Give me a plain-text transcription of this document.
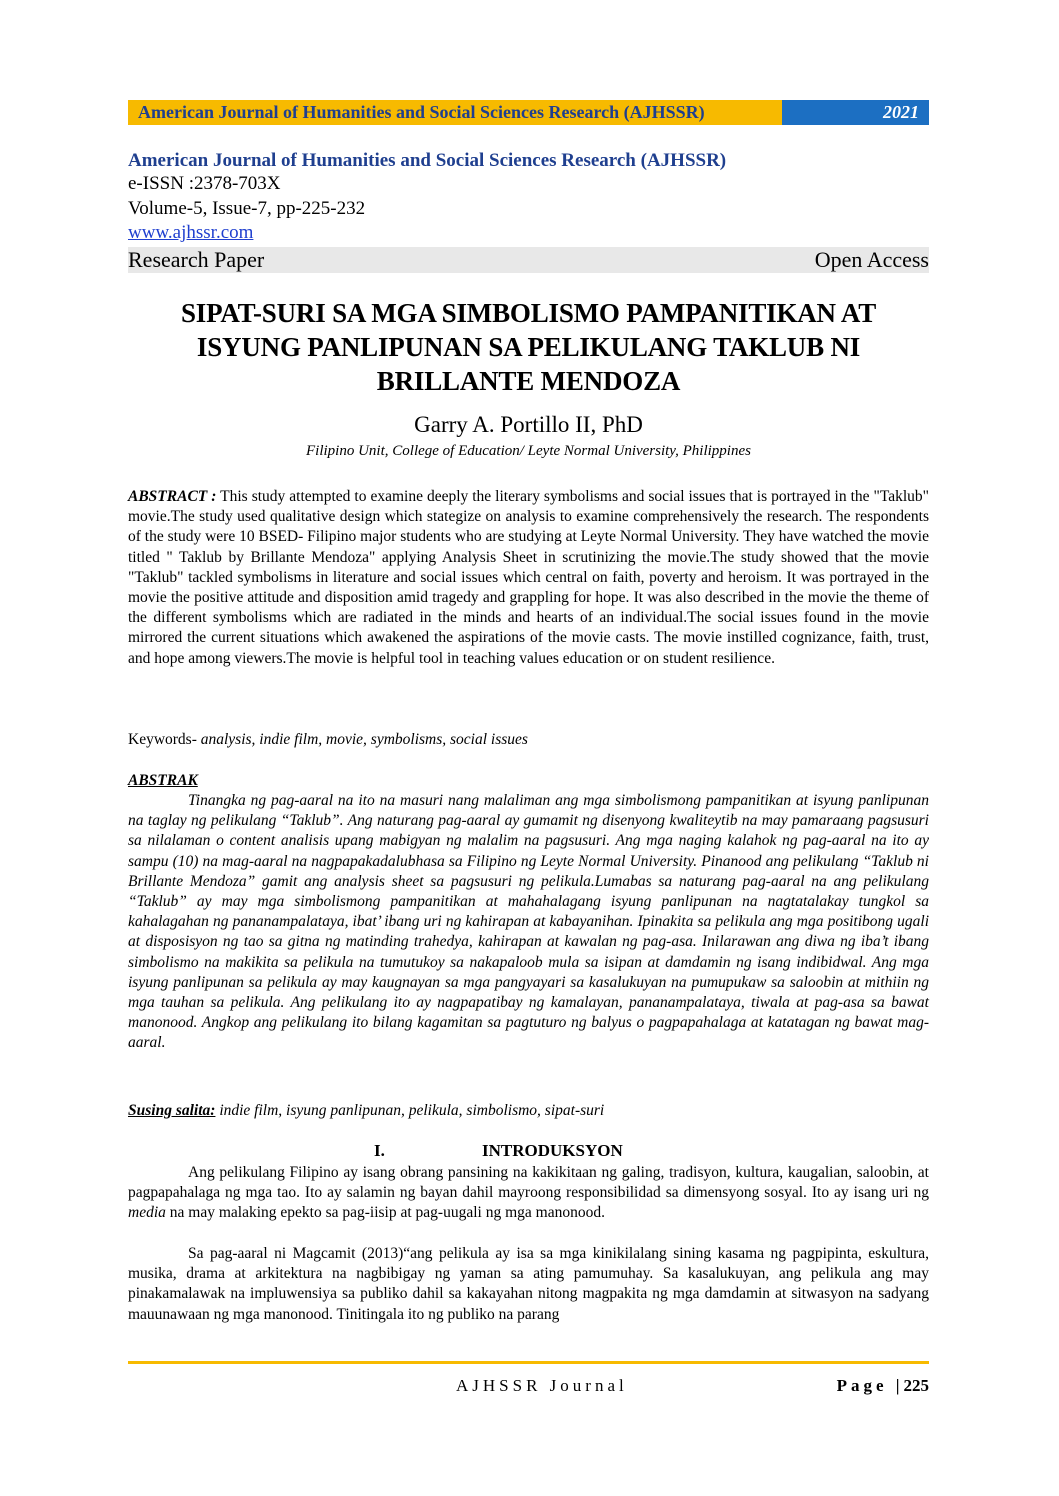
American Journal of Humanities and Social Sciences Research (AJHSSR)	2021
American Journal of Humanities and Social Sciences Research (AJHSSR)
e-ISSN :2378-703X
Volume-5, Issue-7, pp-225-232
www.ajhssr.com
Research Paper	Open Access
SIPAT-SURI SA MGA SIMBOLISMO PAMPANITIKAN AT ISYUNG PANLIPUNAN SA PELIKULANG TAKLUB NI BRILLANTE MENDOZA
Garry A. Portillo II, PhD
Filipino Unit, College of Education/ Leyte Normal University, Philippines
ABSTRACT : This study attempted to examine deeply the literary symbolisms and social issues that is portrayed in the "Taklub" movie.The study used qualitative design which stategize on analysis to examine comprehensively the research. The respondents of the study were 10 BSED- Filipino major students who are studying at Leyte Normal University. They have watched the movie titled " Taklub by Brillante Mendoza" applying Analysis Sheet in scrutinizing the movie.The study showed that the movie "Taklub" tackled symbolisms in literature and social issues which central on faith, poverty and heroism. It was portrayed in the movie the positive attitude and disposition amid tragedy and grappling for hope. It was also described in the movie the theme of the different symbolisms which are radiated in the minds and hearts of an individual.The social issues found in the movie mirrored the current situations which awakened the aspirations of the movie casts. The movie instilled cognizance, faith, trust, and hope among viewers.The movie is helpful tool in teaching values education or on student resilience.
Keywords- analysis, indie film, movie, symbolisms, social issues
ABSTRAK
Tinangka ng pag-aaral na ito na masuri nang malaliman ang mga simbolismong pampanitikan at isyung panlipunan na taglay ng pelikulang “Taklub”. Ang naturang pag-aaral ay gumamit ng disenyong kwaliteytib na may pamaraang pagsusuri sa nilalaman o content analisis upang mabigyan ng malalim na pagsusuri. Ang mga naging kalahok ng pag-aaral na ito ay sampu (10) na mag-aaral na nagpapakadalubhasa sa Filipino ng Leyte Normal University. Pinanood ang pelikulang “Taklub ni Brillante Mendoza” gamit ang analysis sheet sa pagsusuri ng pelikula.Lumabas sa naturang pag-aaral na ang pelikulang “Taklub” ay may mga simbolismong pampanitikan at mahahalagang isyung panlipunan na nagtatalakay tungkol sa kahalagahan ng pananampalataya, ibat’ ibang uri ng kahirapan at kabayanihan. Ipinakita sa pelikula ang mga positibong ugali at disposisyon ng tao sa gitna ng matinding trahedya, kahirapan at kawalan ng pag-asa. Inilarawan ang diwa ng iba’t ibang simbolismo na makikita sa pelikula na tumutukoy sa nakapaloob mula sa isipan at damdamin ng isang indibidwal. Ang mga isyung panlipunan sa pelikula ay may kaugnayan sa mga pangyayari sa kasalukuyan na pumupukaw sa saloobin at mithiin ng mga tauhan sa pelikula. Ang pelikulang ito ay nagpapatibay ng kamalayan, pananampalataya, tiwala at pag-asa sa bawat manonood. Angkop ang pelikulang ito bilang kagamitan sa pagtuturo ng balyus o pagpapahalaga at katatagan ng bawat mag-aaral.
Susing salita: indie film, isyung panlipunan, pelikula, simbolismo, sipat-suri
I.	INTRODUKSYON
Ang pelikulang Filipino ay isang obrang pansining na kakikitaan ng galing, tradisyon, kultura, kaugalian, saloobin, at pagpapahalaga ng mga tao. Ito ay salamin ng bayan dahil mayroong responsibilidad sa dimensyong sosyal. Ito ay isang uri ng media na may malaking epekto sa pag-iisip at pag-uugali ng mga manonood.
Sa pag-aaral ni Magcamit (2013)“ang pelikula ay isa sa mga kinikilalang sining kasama ng pagpipinta, eskultura, musika, drama at arkitektura na nagbibigay ng yaman sa ating pamumuhay. Sa kasalukuyan, ang pelikula ang may pinakamalawak na impluwensiya sa publiko dahil sa kakayahan nitong magpakita ng mga damdamin at sitwasyon na sadyang mauunawaan ng mga manonood. Tinitingala ito ng publiko na parang
AJHSSR Journal	Page |225
